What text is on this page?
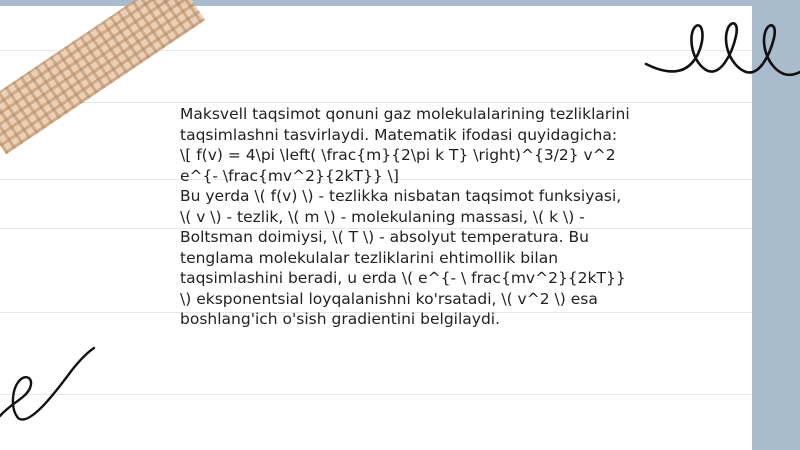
Maksvell taqsimot qonuni gaz molekulalarining tezliklarini taqsimlashni tasvirlaydi. Matematik ifodasi quyidagicha:

\[ f(v) = 4\pi \left( \frac{m}{2\pi k T} \right)^{3/2} v^2 e^{- \frac{mv^2}{2kT}} \]

Bu yerda \( f(v) \) - tezlikka nisbatan taqsimot funksiyasi, \( v \) - tezlik, \( m \) - molekulaning massasi, \( k \) - Boltsman doimiysi, \( T \) - absolyut temperatura. Bu tenglama molekulalar tezliklarini ehtimollik bilan taqsimlashini beradi, u erda \( e^{- \ frac{mv^2}{2kT}} \) eksponentsial loyqalanishni ko'rsatadi, \( v^2 \) esa boshlang'ich o'sish gradientini belgilaydi.
